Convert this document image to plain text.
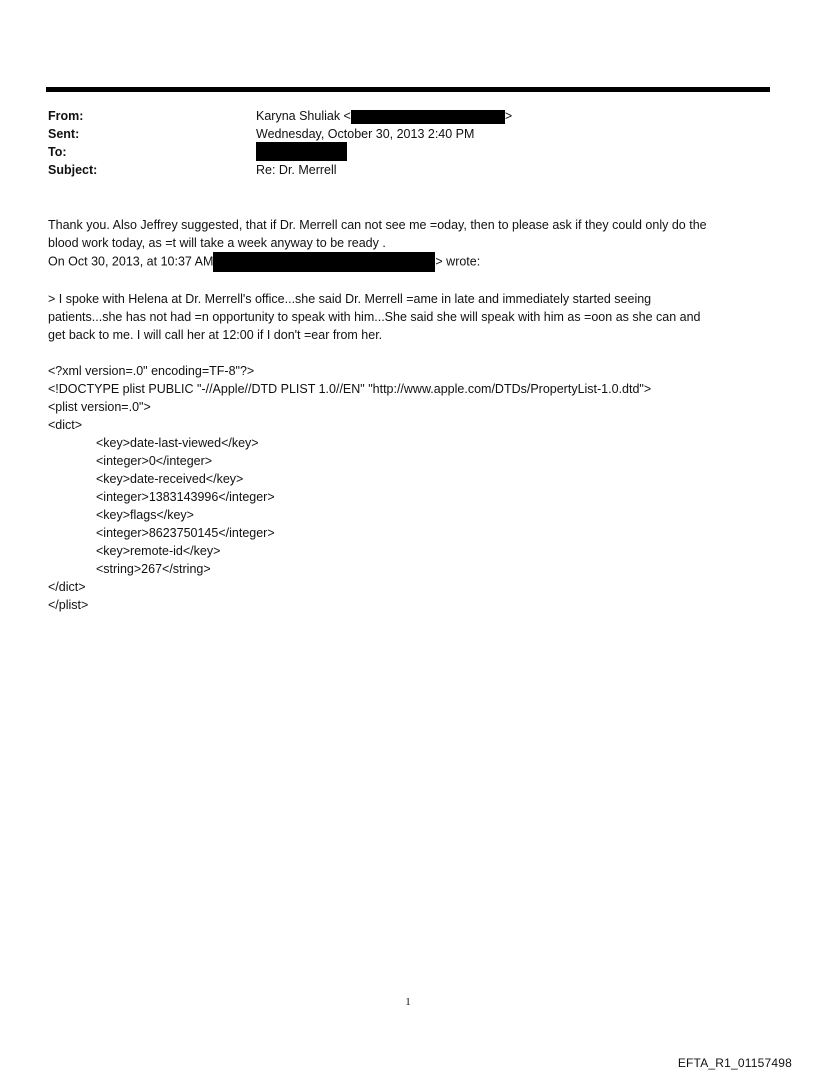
From:	Karyna Shuliak <	>
Sent:	Wednesday, October 30, 2013 2:40 PM
To:
Subject:	Re: Dr. Merrell
Thank you. Also Jeffrey suggested, that if Dr. Merrell can not see me =oday, then to please ask if they could only do the
blood work today, as =t will take a week anyway to be ready .
On Oct 30, 2013, at 10:37 AM	> wrote:
> I spoke with Helena at Dr. Merrell's office...she said Dr. Merrell =ame in late and immediately started seeing
patients...she has not had =n opportunity to speak with him...She said she will speak with him as =oon as she can and
get back to me. I will call her at 12:00 if I don't =ear from her.
<?xml version=.0" encoding=TF-8"?>
<!DOCTYPE plist PUBLIC "-//Apple//DTD PLIST 1.0//EN" "http://www.apple.com/DTDs/PropertyList-1.0.dtd">
<plist version=.0">
<dict>
<key>date-last-viewed</key>
<integer>0</integer>
<key>date-received</key>
<integer>1383143996</integer>
<key>flags</key>
<integer>8623750145</integer>
<key>remote-id</key>
<string>267</string>
</dict>
</plist>
1
EFTA_R1_01157498
